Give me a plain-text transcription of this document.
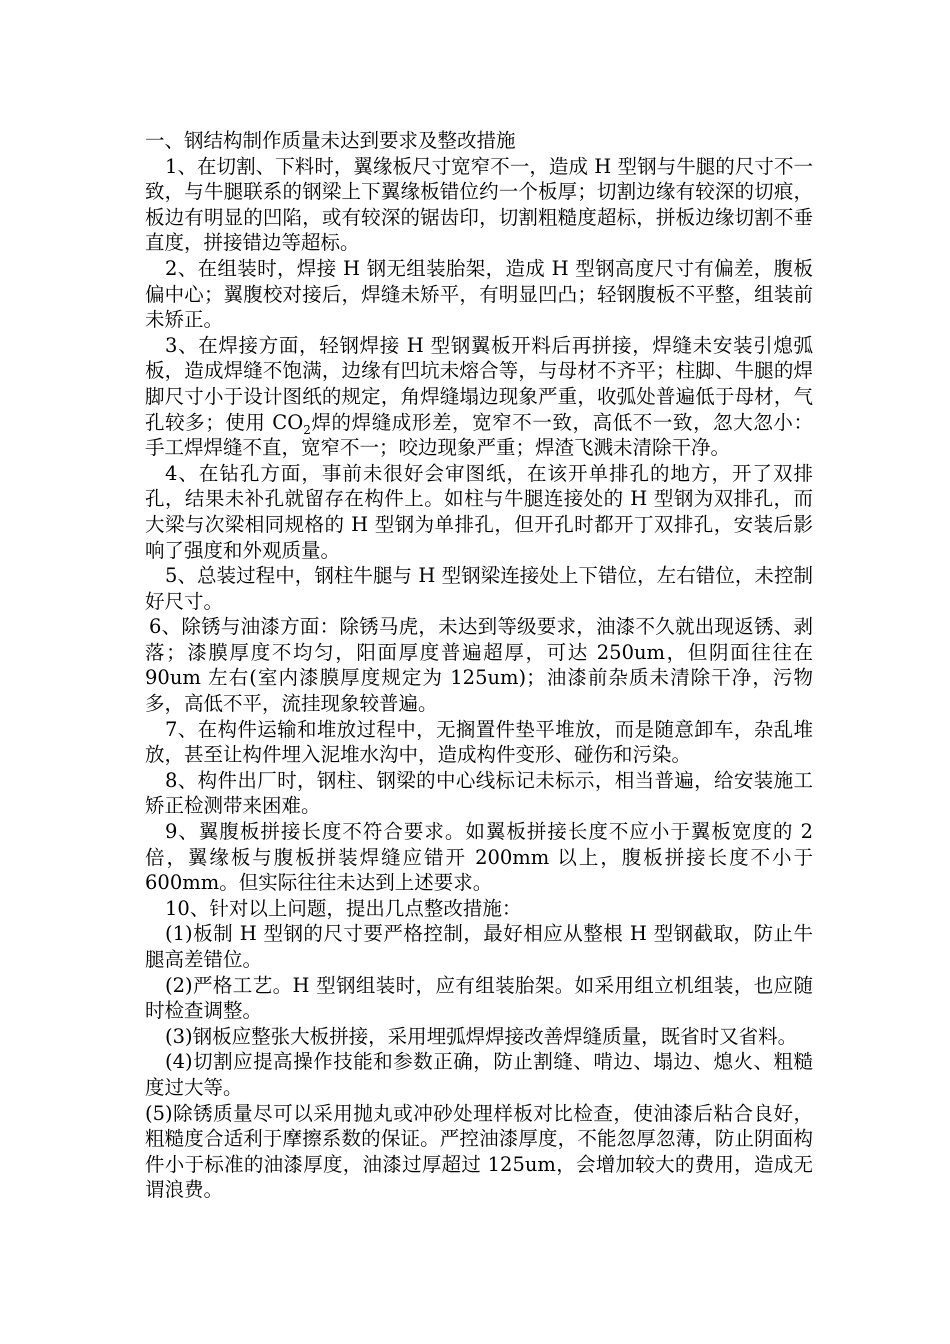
一、钢结构制作质量未达到要求及整改措施

1、在切割、下料时，翼缘板尺寸宽窄不一，造成 H 型钢与牛腿的尺寸不一致，与牛腿联系的钢梁上下翼缘板错位约一个板厚；切割边缘有较深的切痕，板边有明显的凹陷，或有较深的锯齿印，切割粗糙度超标，拼板边缘切割不垂直度，拼接错边等超标。

2、在组装时，焊接 H 钢无组装胎架，造成 H 型钢高度尺寸有偏差，腹板偏中心；翼腹校对接后，焊缝未矫平，有明显凹凸；轻钢腹板不平整，组装前未矫正。

3、在焊接方面，轻钢焊接 H 型钢翼板开料后再拼接，焊缝未安装引熄弧板，造成焊缝不饱满，边缘有凹坑未熔合等，与母材不齐平；柱脚、牛腿的焊脚尺寸小于设计图纸的规定，角焊缝塌边现象严重，收弧处普遍低于母材，气孔较多；使用 $CO_2$焊的焊缝成形差，宽窄不一致，高低不一致，忽大忽小：手工焊焊缝不直，宽窄不一；咬边现象严重；焊渣飞溅未清除干净。

4、在钻孔方面，事前未很好会审图纸，在该开单排孔的地方，开了双排孔，结果未补孔就留存在构件上。如柱与牛腿连接处的 H 型钢为双排孔，而大梁与次梁相同规格的 H 型钢为单排孔，但开孔时都开丁双排孔，安装后影响了强度和外观质量。

5、总装过程中，钢柱牛腿与 H 型钢梁连接处上下错位，左右错位，未控制好尺寸。

6、除锈与油漆方面：除锈马虎，未达到等级要求，油漆不久就出现返锈、剥落；漆膜厚度不均匀，阳面厚度普遍超厚，可达 250um，但阴面往往在 90um 左右(室内漆膜厚度规定为 125um)；油漆前杂质未清除干净，污物多，高低不平，流挂现象较普遍。

7、在构件运输和堆放过程中，无搁置件垫平堆放，而是随意卸车，杂乱堆放，甚至让构件埋入泥堆水沟中，造成构件变形、碰伤和污染。

8、构件出厂时，钢柱、钢梁的中心线标记未标示，相当普遍，给安装施工矫正检测带来困难。

9、翼腹板拼接长度不符合要求。如翼板拼接长度不应小于翼板宽度的 2 倍，翼缘板与腹板拼装焊缝应错开 200mm 以上，腹板拼接长度不小于 600mm。但实际往往未达到上述要求。

10、针对以上问题，提出几点整改措施：

(1)板制 H 型钢的尺寸要严格控制，最好相应从整根 H 型钢截取，防止牛腿高差错位。

(2)严格工艺。H 型钢组装时，应有组装胎架。如采用组立机组装，也应随时检查调整。

(3)钢板应整张大板拼接，采用埋弧焊焊接改善焊缝质量，既省时又省料。

(4)切割应提高操作技能和参数正确，防止割缝、啃边、塌边、熄火、粗糙度过大等。

(5)除锈质量尽可以采用抛丸或冲砂处理样板对比检查，使油漆后粘合良好，粗糙度合适利于摩擦系数的保证。严控油漆厚度，不能忽厚忽薄，防止阴面构件小于标准的油漆厚度，油漆过厚超过 125um，会增加较大的费用，造成无谓浪费。
